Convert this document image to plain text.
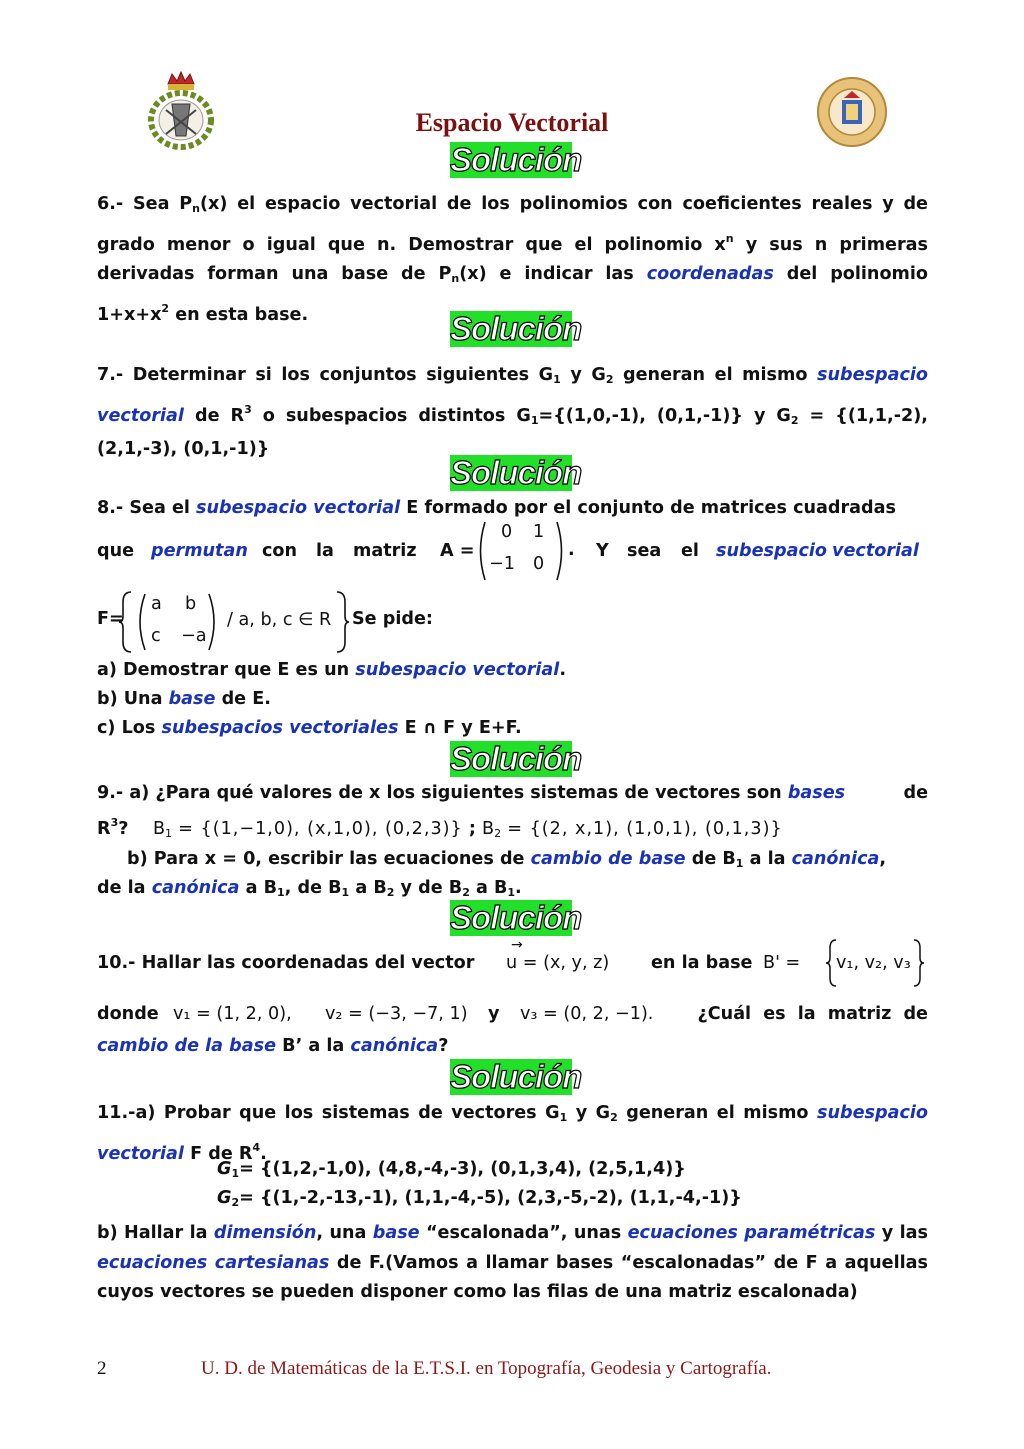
Espacio Vectorial
Solución
6.- Sea $P_n(x)$ el espacio vectorial de los polinomios con coeficientes reales y de grado menor o igual que n. Demostrar que el polinomio $x^n$ y sus n primeras derivadas forman una base de $P_n(x)$ e indicar las coordenadas del polinomio $1+x+x^2$ en esta base.	Solución
7.- Determinar si los conjuntos siguientes $G_1$ y $G_2$ generan el mismo subespacio vectorial de $R^3$ o subespacios distintos $G_1=\{(1,0,-1)$, (0,1,-1)} y $G_2 = \{(1,1,-2)$, (2,1,-3), (0,1,-1)}
Solución
8.- Sea el subespacio vectorial E formado por el conjunto de matrices cuadradas
que permutan con la matriz A =
0 1
−1 0
. Y sea el subespacio vectorial
F=
a b
c −a
/ a, b, c ∈ R Se pide:
a) Demostrar que E es un subespacio vectorial.
b) Una base de E.
c) Los subespacios vectoriales E ∩ F y E+F.
Solución
9.- a) ¿Para qué valores de x los siguientes sistemas de vectores son bases	de
$R^3$? $B_1 = \{(1,-1,0)$, (x,1,0), (0,2,3)} ; $B_2 = \{(2$, x,1), (1,0,1), (0,1,3)}
b) Para x = 0, escribir las ecuaciones de cambio de base de $B_1$ a la canónica,
de la canónica a $B_1$, de $B_1$ a $B_2$ y de $B_2$ a $B_1$.
Solución
10.- Hallar las coordenadas del vector u = (x, y, z)
→
en la base B' = v₁, v₂, v₃
donde v₁ = (1, 2, 0), v₂ = (−3, −7, 1) y v₃ = (0, 2, −1).	¿Cuál es la matriz de
cambio de la base B’ a la canónica?
Solución
11.-a) Probar que los sistemas de vectores $G_1$ y $G_2$ generan el mismo subespacio vectorial F de $R^4$.
$G_1= \{(1,2,-1,0)$, (4,8,-4,-3), (0,1,3,4), (2,5,1,4)}
$G_2= \{(1,-2,-13,-1)$, (1,1,-4,-5), (2,3,-5,-2), (1,1,-4,-1)}
b) Hallar la dimensión, una base “escalonada”, unas ecuaciones paramétricas y las ecuaciones cartesianas de F.(Vamos a llamar bases “escalonadas” de F a aquellas cuyos vectores se pueden disponer como las filas de una matriz escalonada)
2	U. D. de Matemáticas de la E.T.S.I. en Topografía, Geodesia y Cartografía.
